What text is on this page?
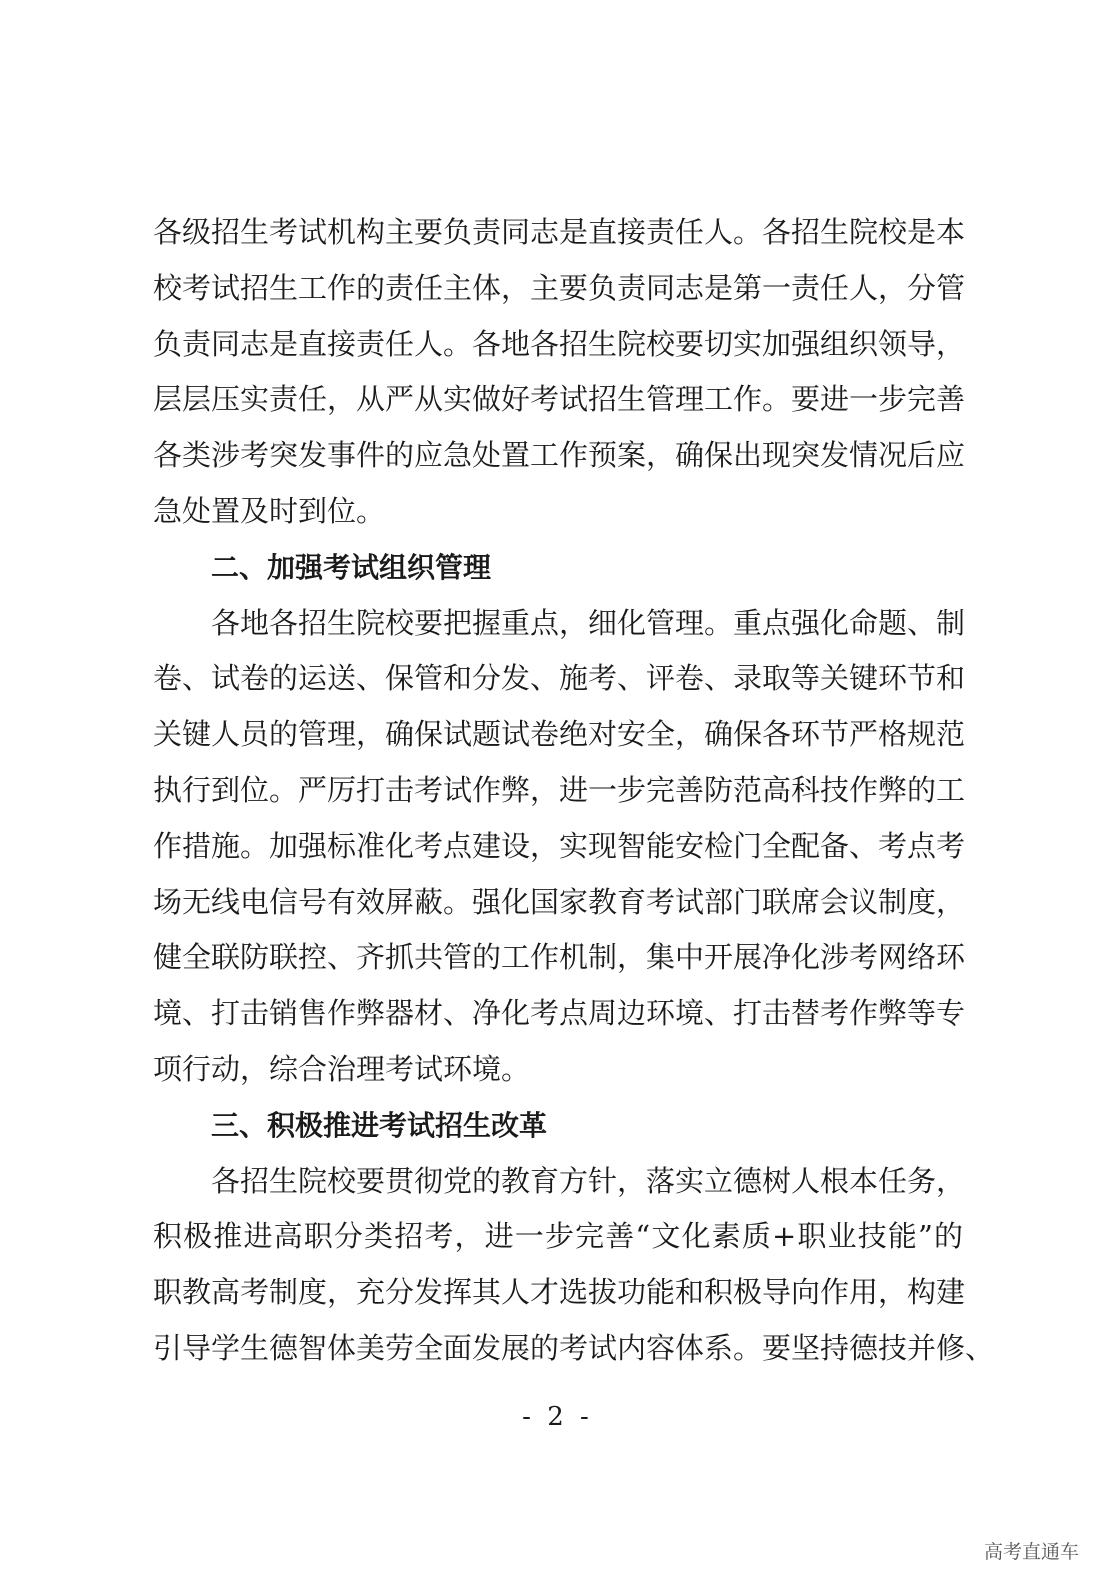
各级招生考试机构主要负责同志是直接责任人。各招生院校是本
校考试招生工作的责任主体，主要负责同志是第一责任人，分管
负责同志是直接责任人。各地各招生院校要切实加强组织领导，
层层压实责任，从严从实做好考试招生管理工作。要进一步完善
各类涉考突发事件的应急处置工作预案，确保出现突发情况后应
急处置及时到位。
二、加强考试组织管理
各地各招生院校要把握重点，细化管理。重点强化命题、制
卷、试卷的运送、保管和分发、施考、评卷、录取等关键环节和
关键人员的管理，确保试题试卷绝对安全，确保各环节严格规范
执行到位。严厉打击考试作弊，进一步完善防范高科技作弊的工
作措施。加强标准化考点建设，实现智能安检门全配备、考点考
场无线电信号有效屏蔽。强化国家教育考试部门联席会议制度，
健全联防联控、齐抓共管的工作机制，集中开展净化涉考网络环
境、打击销售作弊器材、净化考点周边环境、打击替考作弊等专
项行动，综合治理考试环境。
三、积极推进考试招生改革
各招生院校要贯彻党的教育方针，落实立德树人根本任务，
积极推进高职分类招考，进一步完善“文化素质+职业技能”的
职教高考制度，充分发挥其人才选拔功能和积极导向作用，构建
引导学生德智体美劳全面发展的考试内容体系。要坚持德技并修、
- 2 -
高考直通车
